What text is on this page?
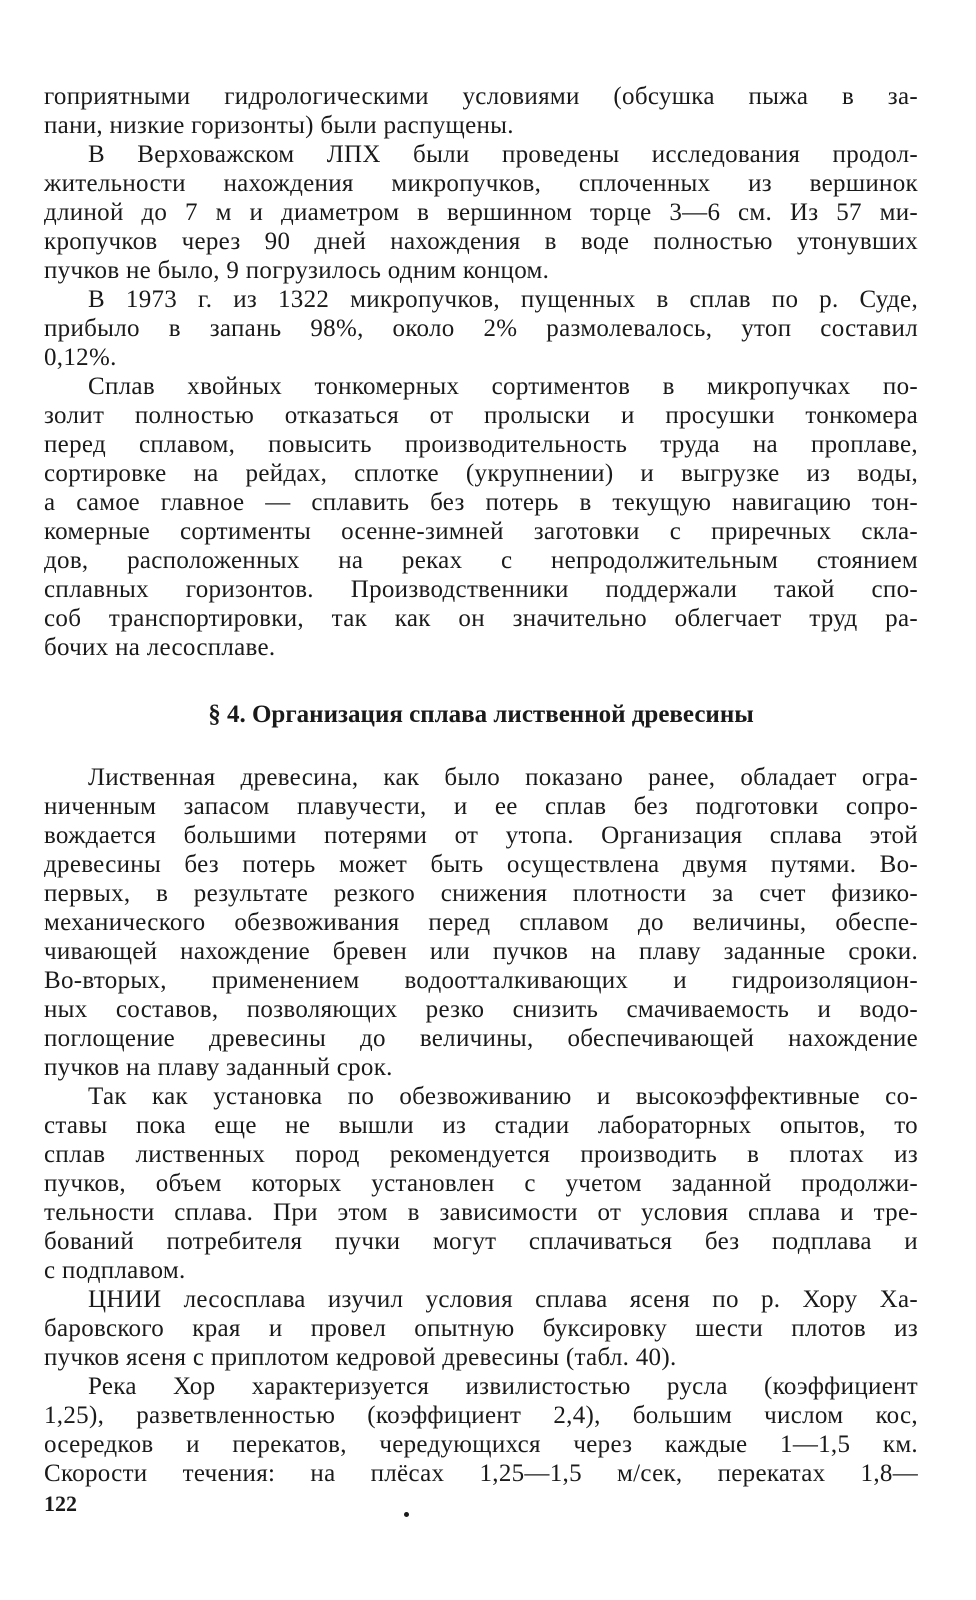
гоприятными гидрологическими условиями (обсушка пыжа в за-
пани, низкие горизонты) были распущены.
В Верховажском ЛПХ были проведены исследования продол-
жительности нахождения микропучков, сплоченных из вершинок
длиной до 7 м и диаметром в вершинном торце 3—6 см. Из 57 ми-
кропучков через 90 дней нахождения в воде полностью утонувших
пучков не было, 9 погрузилось одним концом.
В 1973 г. из 1322 микропучков, пущенных в сплав по р. Суде,
прибыло в запань 98%, около 2% размолевалось, утоп составил
0,12%.
Сплав хвойных тонкомерных сортиментов в микропучках по-
золит полностью отказаться от пролыски и просушки тонкомера
перед сплавом, повысить производительность труда на проплаве,
сортировке на рейдах, сплотке (укрупнении) и выгрузке из воды,
а самое главное — сплавить без потерь в текущую навигацию тон-
комерные сортименты осенне-зимней заготовки с приречных скла-
дов, расположенных на реках с непродолжительным стоянием
сплавных горизонтов. Производственники поддержали такой спо-
соб транспортировки, так как он значительно облегчает труд ра-
бочих на лесосплаве.
§ 4. Организация сплава лиственной древесины
Лиственная древесина, как было показано ранее, обладает огра-
ниченным запасом плавучести, и ее сплав без подготовки сопро-
вождается большими потерями от утопа. Организация сплава этой
древесины без потерь может быть осуществлена двумя путями. Во-
первых, в результате резкого снижения плотности за счет физико-
механического обезвоживания перед сплавом до величины, обеспе-
чивающей нахождение бревен или пучков на плаву заданные сроки.
Во-вторых, применением водоотталкивающих и гидроизоляцион-
ных составов, позволяющих резко снизить смачиваемость и водо-
поглощение древесины до величины, обеспечивающей нахождение
пучков на плаву заданный срок.
Так как установка по обезвоживанию и высокоэффективные со-
ставы пока еще не вышли из стадии лабораторных опытов, то
сплав лиственных пород рекомендуется производить в плотах из
пучков, объем которых установлен с учетом заданной продолжи-
тельности сплава. При этом в зависимости от условия сплава и тре-
бований потребителя пучки могут сплачиваться без подплава и
с подплавом.
ЦНИИ лесосплава изучил условия сплава ясеня по р. Хору Ха-
баровского края и провел опытную буксировку шести плотов из
пучков ясеня с приплотом кедровой древесины (табл. 40).
Река Хор характеризуется извилистостью русла (коэффициент
1,25), разветвленностью (коэффициент 2,4), большим числом кос,
осередков и перекатов, чередующихся через каждые 1—1,5 км.
Скорости течения: на плёсах 1,25—1,5 м/сек, перекатах 1,8—
122
